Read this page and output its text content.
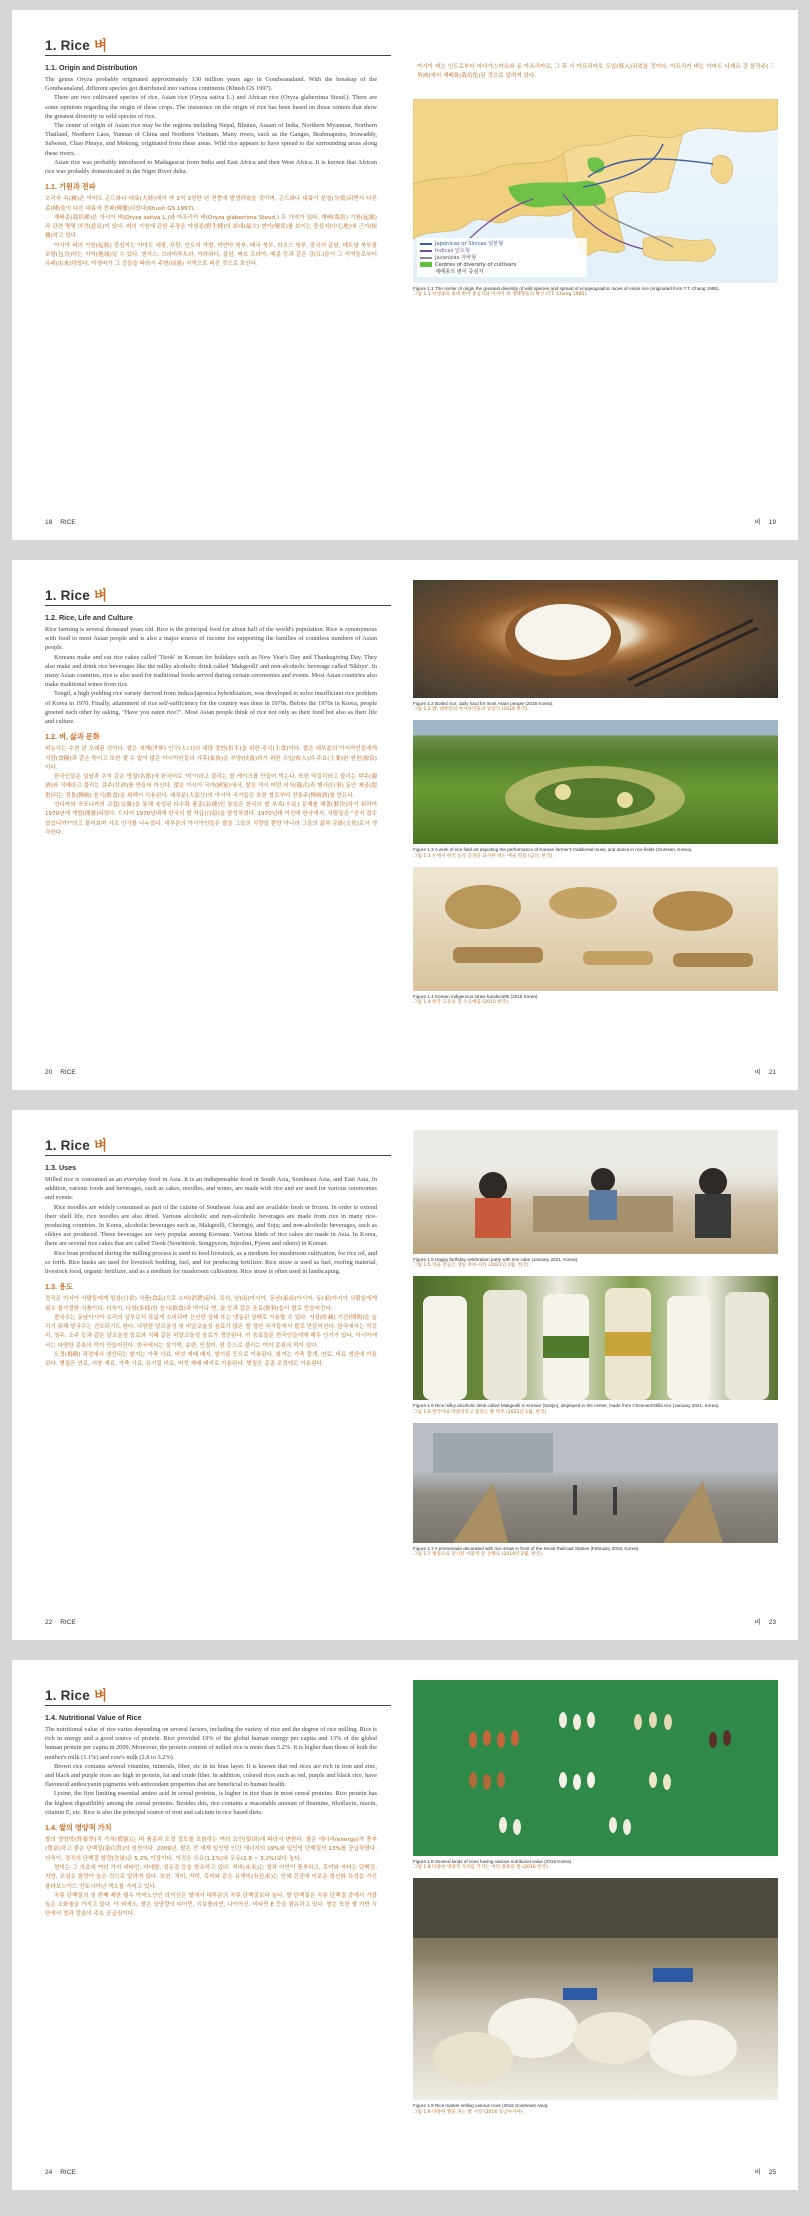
1. Rice 벼
1.1. Origin and Distribution

The genus Oryza probably originated approximately 130 million years ago in Gondwanaland. With the breakup of the Gondwanaland, different species got distributed into various continents (Khush GS 1997).

There are two cultivated species of rice, Asian rice (Oryza sativa L.) and African rice (Oryza glaberrima Steud.). There are some opinions regarding the origin of these crops. The insistence on the origin of rice has been based on those centers that show the greatest diversity in wild species of rice.

The center of origin of Asian rice may be the regions including Nepal, Bhutan, Assam of India, Northern Myanmar, Northern Thailand, Northern Laos, Yunnan of China and Northern Vietnam. Many rivers, such as the Ganges, Brahmaputra, Irrawaddy, Salween, Chao Phraya, and Mekong, originated from these areas. Wild rice appears to have spread to the surrounding areas along these rivers.

Asian rice was probably introduced to Madagascar from India and East Africa and then West Africa. It is known that African rice was probably domesticated in the Niger River delta.

1.1. 기원과 전파

오리자 속(屬)은 아마도 곤드와나 대륙(大陸)에서 약 1억 3천만 년 전쯤에 발생하였을 것이며, 곤드와나 대륙이 분열(分裂)되면서 다른 종(種)들이 다른 대륙에 전파(傳播)되었다(Khush GS 1997).

재배종(栽培種)은 아시아 벼(Oryza sativa L.)와 아프리카 벼(Oryza glaberrima Steud.) 두 가지가 있다. 재배(栽培) 기원(起源)과 관련 몇몇 의견(意見)이 있다. 벼의 기원에 관한 주장은 야생종(野生種)의 최대(最大) 변이(變異)를 보이는 중심지(中心地)에 근거(根據)하고 있다.

아시아 벼의 기원(起源) 중심지는 아마도 네팔, 부탄, 인도의 아쌈, 미얀마 북부, 태국 북부, 라오스 북부, 중국의 운남, 베트남 북부를 포함(包含)하는 지역(地域)일 수 있다. 갠지스, 브라마푸트라, 이라와디, 살윈, 짜오 프라야, 메콩 등과 같은 강(江)들이 그 지역들로부터 유래(由來)하였다. 야생벼가 그 강들을 따라서 주변(周邊) 지역으로 퍼진 것으로 보인다.

18 RICE

아시아 벼는 인도로부터 마다가스카르와 동 아프리카로, 그 후 서 아프리카로 도입(導入)되었을 것이다. 아프리카 벼는 아마도 니제르 강 삼각주(三角洲)에서 재배화(栽培化)된 것으로 알려져 있다.

Japonicas or Sinicas 일본형
Indicas 인도형
Javanicas 자바형
Centres of diversity of cultivars
재배종의 변이 중심지

Figure 1.1 The center of origin the greatest diversity of wild species and spread of ecogeographic races of Asian rice (originated from T.T. Chang 1985).

그림 1.1 아생종의 최대 변이 중심지와 아시아 벼 생태형들의 확산 (T.T. Chang 1985).

벼 19
1. Rice 벼
1.2. Rice, Life and Culture

Rice farming is several thousand years old. Rice is the principal food for about half of the world's population. Rice is synonymous with food to most Asian people and is also a major source of income for supporting the families of countless numbers of Asian people.

Koreans make and eat rice cakes called 'Tteok' in Korean for holidays such as New Year's Day and Thanksgiving Day. They also make and drink rice beverages like the milky alcoholic drink called 'Makgeolli' and non-alcoholic beverage called 'Sikhye'. In many Asian countries, rice is also used for traditional foods served during certain ceremonies and events. Most Asian countries also make traditional wines from rice.

Tongil, a high yielding rice variety derived from indica/japonica hybridization, was developed to solve insufficient rice problem of Korea in 1970. Finally, attainment of rice self-sufficiency for the country was done in 1970s. Before the 1970s in Korea, people greeted each other by asking, "Have you eaten rice?". Most Asian people think of rice not only as their food but also as their life and culture.

1.2. 벼, 삶과 문화

벼농사는 수천 년 오래된 것이다. 쌀은 세계(世界) 인구(人口)의 대략 절반(折半)을 위한 주식(主食)이다. 쌀은 대부분의 아시아인들에게 식량(食糧)과 같은 뜻이고 또한 셀 수 없이 많은 아시아인들의 가족(家族)을 부양(扶養)하기 위한 수입(收入)의 주요(主要)한 원천(源泉)이다.

한국인들은 설날과 추석 같은 명절(名節)에 한국어로 '떡'이라고 불리는 쌀 케이크를 만들어 먹는다. 또한 막걸리라고 불리는 탁주(濁酒)와 식혜라고 불리는 감주(甘酒)를 만들어 마신다. 많은 아시아 국가(國家)에서, 쌀은 역시 어떤 의식(儀式)과 행사(行事) 동안 제공(提供)되는 전통(傳統) 음식(飮食)을 위해서 사용된다. 대부분(大部分)의 아시아 국가들은 또한 쌀로부터 전통주(傳統酒)를 만든다.

인디카와 자포니카의 교잡(交雜)을 통해 육성된 다수확 품종(品種)인 통일은 한국의 쌀 부족(不足) 문제를 해결(解決)하기 위하여 1970년에 개발(開發)되었다. 드디어 1970년대에 한국의 쌀 자급(自給)을 달성하였다. 1970년대 이전에 한국에서, 사람들은 "진지 잡수셨습니까?"라고 물어보며 서로 인사를 나누었다. 대부분의 아시아인들은 쌀을 그들의 식량일 뿐만 아니라 그들의 삶과 문화(文化)로서 생각한다.

20 RICE

Figure 1.2 Boiled rice, daily food for most Asian people (2016 Korea).

그림 1.2 밥, 대부분의 아시아인들의 일상식 (2016 한국).

Figure 1.3 A work of rice field art depicting the performance of Korean farmer's traditional music and dance in rice fields (Gumsan, Korea).

그림 1.3 논에서 한국 농악 공연을 묘사한 벼논 예술 작품 (금산, 한국).

Figure 1.4 Korean indigenous straw handicrafts (2015 Korea).

그림 1.4 한국 고유의 짚 수공예품 (2015 한국).

벼 21
1. Rice 벼
1.3. Uses

Milled rice is consumed as an everyday food in Asia. It is an indispensable food in South Asia, Southeast Asia, and East Asia. In addition, various foods and beverages, such as cakes, noodles, and wines, are made with rice and are used for various ceremonies and events.

Rice noodles are widely consumed as part of the cuisine of Southeast Asia and are available fresh or frozen. In order to extend their shelf life, rice noodles are also dried. Various alcoholic and non-alcoholic beverages are made from rice in many rice-producing countries. In Korea, alcoholic beverages such as, Makgeolli, Cheongju, and Soju; and non-alcoholic beverages, such as sikhye are produced. These beverages are very popular among Koreans. Various kinds of rice cakes are made in Asia. In Korea, there are several rice cakes that are called Tteok (Seoritteok, Songpyeon, Injeolmi, Pyeon and others) in Korean.

Rice bran produced during the milling process is used to feed livestock, as a medium for mushroom cultivation, for rice oil, and so forth. Rice husks are used for livestock bedding, fuel, and for producing fertilizer. Rice straw is used as fuel, roofing material, livestock food, organic fertilizer, and as a medium for mushroom cultivation. Rice straw is often used in landscaping.

1.3. 용도

정곡은 아시아 사람들에게 일상(日常) 식품(食品)으로 소비(消費)된다. 특히, 남(南)아시아, 동남(東南)아시아, 동(東)아시아 사람들에게 필수 불가결한 식품이다. 더욱이, 다양(多樣)한 음식(飮食)과 떡이나 면, 술 등과 같은 음료(飮料)들이 쌀로 만들어진다.

쌀국수는 동남아시아 요리의 일부로서 폭넓게 소비되며 신선한 상태 또는 냉동된 상태로 이용할 수 있다. 저장(貯藏) 기간(期間)을 늘리기 위해 쌀국수는 건조되기도 한다. 다양한 알코올성 및 비알코올성 음료가 많은 쌀 생산 국가들에서 쌀로 만들어진다. 한국에서는 막걸리, 청주, 소주 등과 같은 알코올성 음료와 식혜 같은 비알코올성 음료가 생산된다. 이 음료들은 한국인들에게 매우 인기가 있다. 아시아에서는 다양한 종류의 떡이 만들어진다. 한국에서는 설기떡, 송편, 인절미, 편 등으로 불리는 여러 종류의 떡이 있다.

도정(搗精) 과정에서 생산되는 쌀겨는 가축 사료, 버섯 재배 배지, 쌀기름 등으로 이용된다. 왕겨는 가축 깔개, 연료, 비료 생산에 이용된다. 볏짚은 연료, 지붕 재료, 가축 사료, 유기질 비료, 버섯 재배 배지로 이용된다. 볏짚은 종종 조경에도 이용된다.

22 RICE

Figure 1.5 Happy birthday celebration party with rice cake (January 2021, Korea).

그림 1.5 떡을 곁들인 생일 축하 파티 (2021년 1월, 한국).

Figure 1.6 Rice milky alcoholic drink called Makgeolli in Korean (Sanjin), displayed in the center, made from Cheonan/Otilla rice (January 2021, Korea).

그림 1.6 한국어로 막걸리라고 불리는 쌀 탁주 (2021년 1월, 한국).

Figure 1.7 A promenade decorated with rice straw in front of the Seoul Railroad Station (February 2019, Korea).

그림 1.7 볏짚으로 장식된 서울역 앞 산책로 (2019년 2월, 한국).

벼 23
1. Rice 벼
1.4. Nutritional Value of Rice

The nutritional value of rice varies depending on several factors, including the variety of rice and the degree of rice milling. Rice is rich in energy and a good source of protein. Rice provided 19% of the global human energy per capita and 13% of the global human protein per capita in 2009. Moreover, the protein content of milled rice is more than 5.2%. It is higher than those of both the mother's milk (1.1%) and cow's milk (2.8 to 3.2%).

Brown rice contains several vitamins, minerals, fiber, etc in its bran layer. It is known that red rices are rich in iron and zinc, and black and purple rices are high in protein, fat and crude fiber. In addition, colored rices such as red, purple and black rice, have flavonoid anthocyanin pigments with antioxidant properties that are beneficial to human health.

Lysine, the first limiting essential amino acid in cereal proteins, is higher in rice than in most cereal proteins. Rice protein has the highest digestibility among the cereal proteins. Besides this, rice contains a reasonable amount of thiamine, riboflavin, niacin, vitamin E, etc. Rice is also the principal source of iron and calcium in rice based diets.

1.4. 쌀의 영양적 가치

쌀의 영양학(營養學)적 가치(價値)는 벼 품종과 도정 정도를 포함하는 여러 요인(要因)에 따라서 변한다. 쌀은 에너지(energy)가 풍부(豊富)하고 좋은 단백질(蛋白質)의 원천이다. 2009년, 쌀은 전 세계 일인당 인간 에너지의 19%와 일인당 단백질의 13%를 공급하였다. 더욱이, 정곡의 단백질 함량(含量)은 5.2% 이상이다. 이것은 모유(1.1%)와 우유(2.8 ~ 3.2%)보다 높다.

현미는 그 겨층에 여러 가지 비타민, 미네랄, 섬유질 등을 함유하고 있다. 적미(赤米)는 철과 아연이 풍부하고, 흑미와 자미는 단백질, 지방, 조섬유 함량이 높은 것으로 알려져 있다. 또한, 적미, 자미, 흑미와 같은 유색미(有色米)는 인체 건강에 이로운 항산화 특성을 가진 플라보노이드 안토시아닌 색소를 가지고 있다.

곡류 단백질의 첫 번째 제한 필수 아미노산인 라이신은 쌀에서 대부분의 곡류 단백질보다 높다. 쌀 단백질은 곡류 단백질 중에서 가장 높은 소화율을 가지고 있다. 이 외에도, 쌀은 상당량의 티아민, 리보플라빈, 나이아신, 비타민 E 등을 함유하고 있다. 쌀은 또한 쌀 기반 식단에서 철과 칼슘의 주요 공급원이다.

24 RICE

Figure 1.8 Several kinds of rices having various nutritional value (2016 Korea).

그림 1.8 다양한 영양적 가치를 가지는 여러 종류의 쌀 (2016 한국).

Figure 1.9 Rice market selling various rices (2016 Southeast Asia).

그림 1.9 다양한 쌀을 파는 쌀 시장 (2016 동남아시아).

벼 25
